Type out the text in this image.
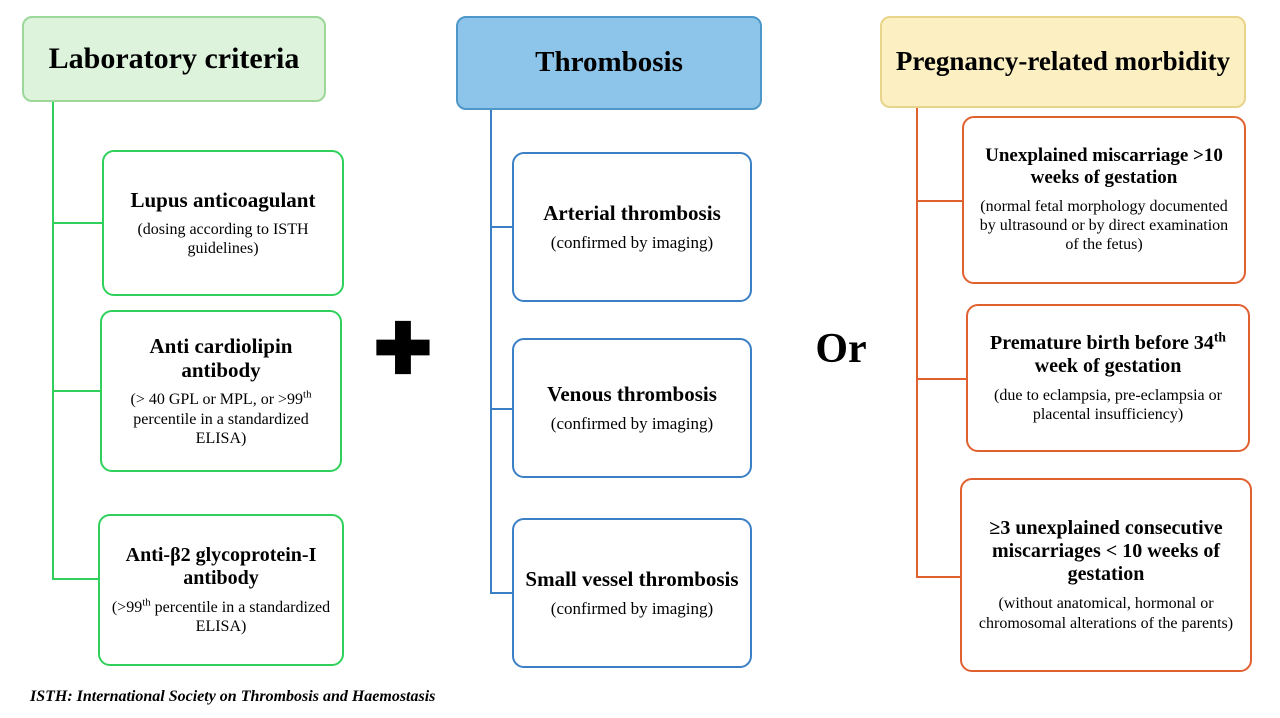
Laboratory criteria
Lupus anticoagulant
(dosing according to ISTH guidelines)
Anti cardiolipin antibody
(> 40 GPL or MPL, or >99th percentile in a standardized ELISA)
Anti-β2 glycoprotein-I antibody
(>99th percentile in a standardized ELISA)
✚
Thrombosis
Arterial thrombosis
(confirmed by imaging)
Venous thrombosis
(confirmed by imaging)
Small vessel thrombosis
(confirmed by imaging)
Or
Pregnancy-related morbidity
Unexplained miscarriage >10 weeks of gestation
(normal fetal morphology documented by ultrasound or by direct examination of the fetus)
Premature birth before 34th week of gestation
(due to eclampsia, pre-eclampsia or placental insufficiency)
≥3 unexplained consecutive miscarriages < 10 weeks of gestation
(without anatomical, hormonal or chromosomal alterations of the parents)
ISTH: International Society on Thrombosis and Haemostasis
